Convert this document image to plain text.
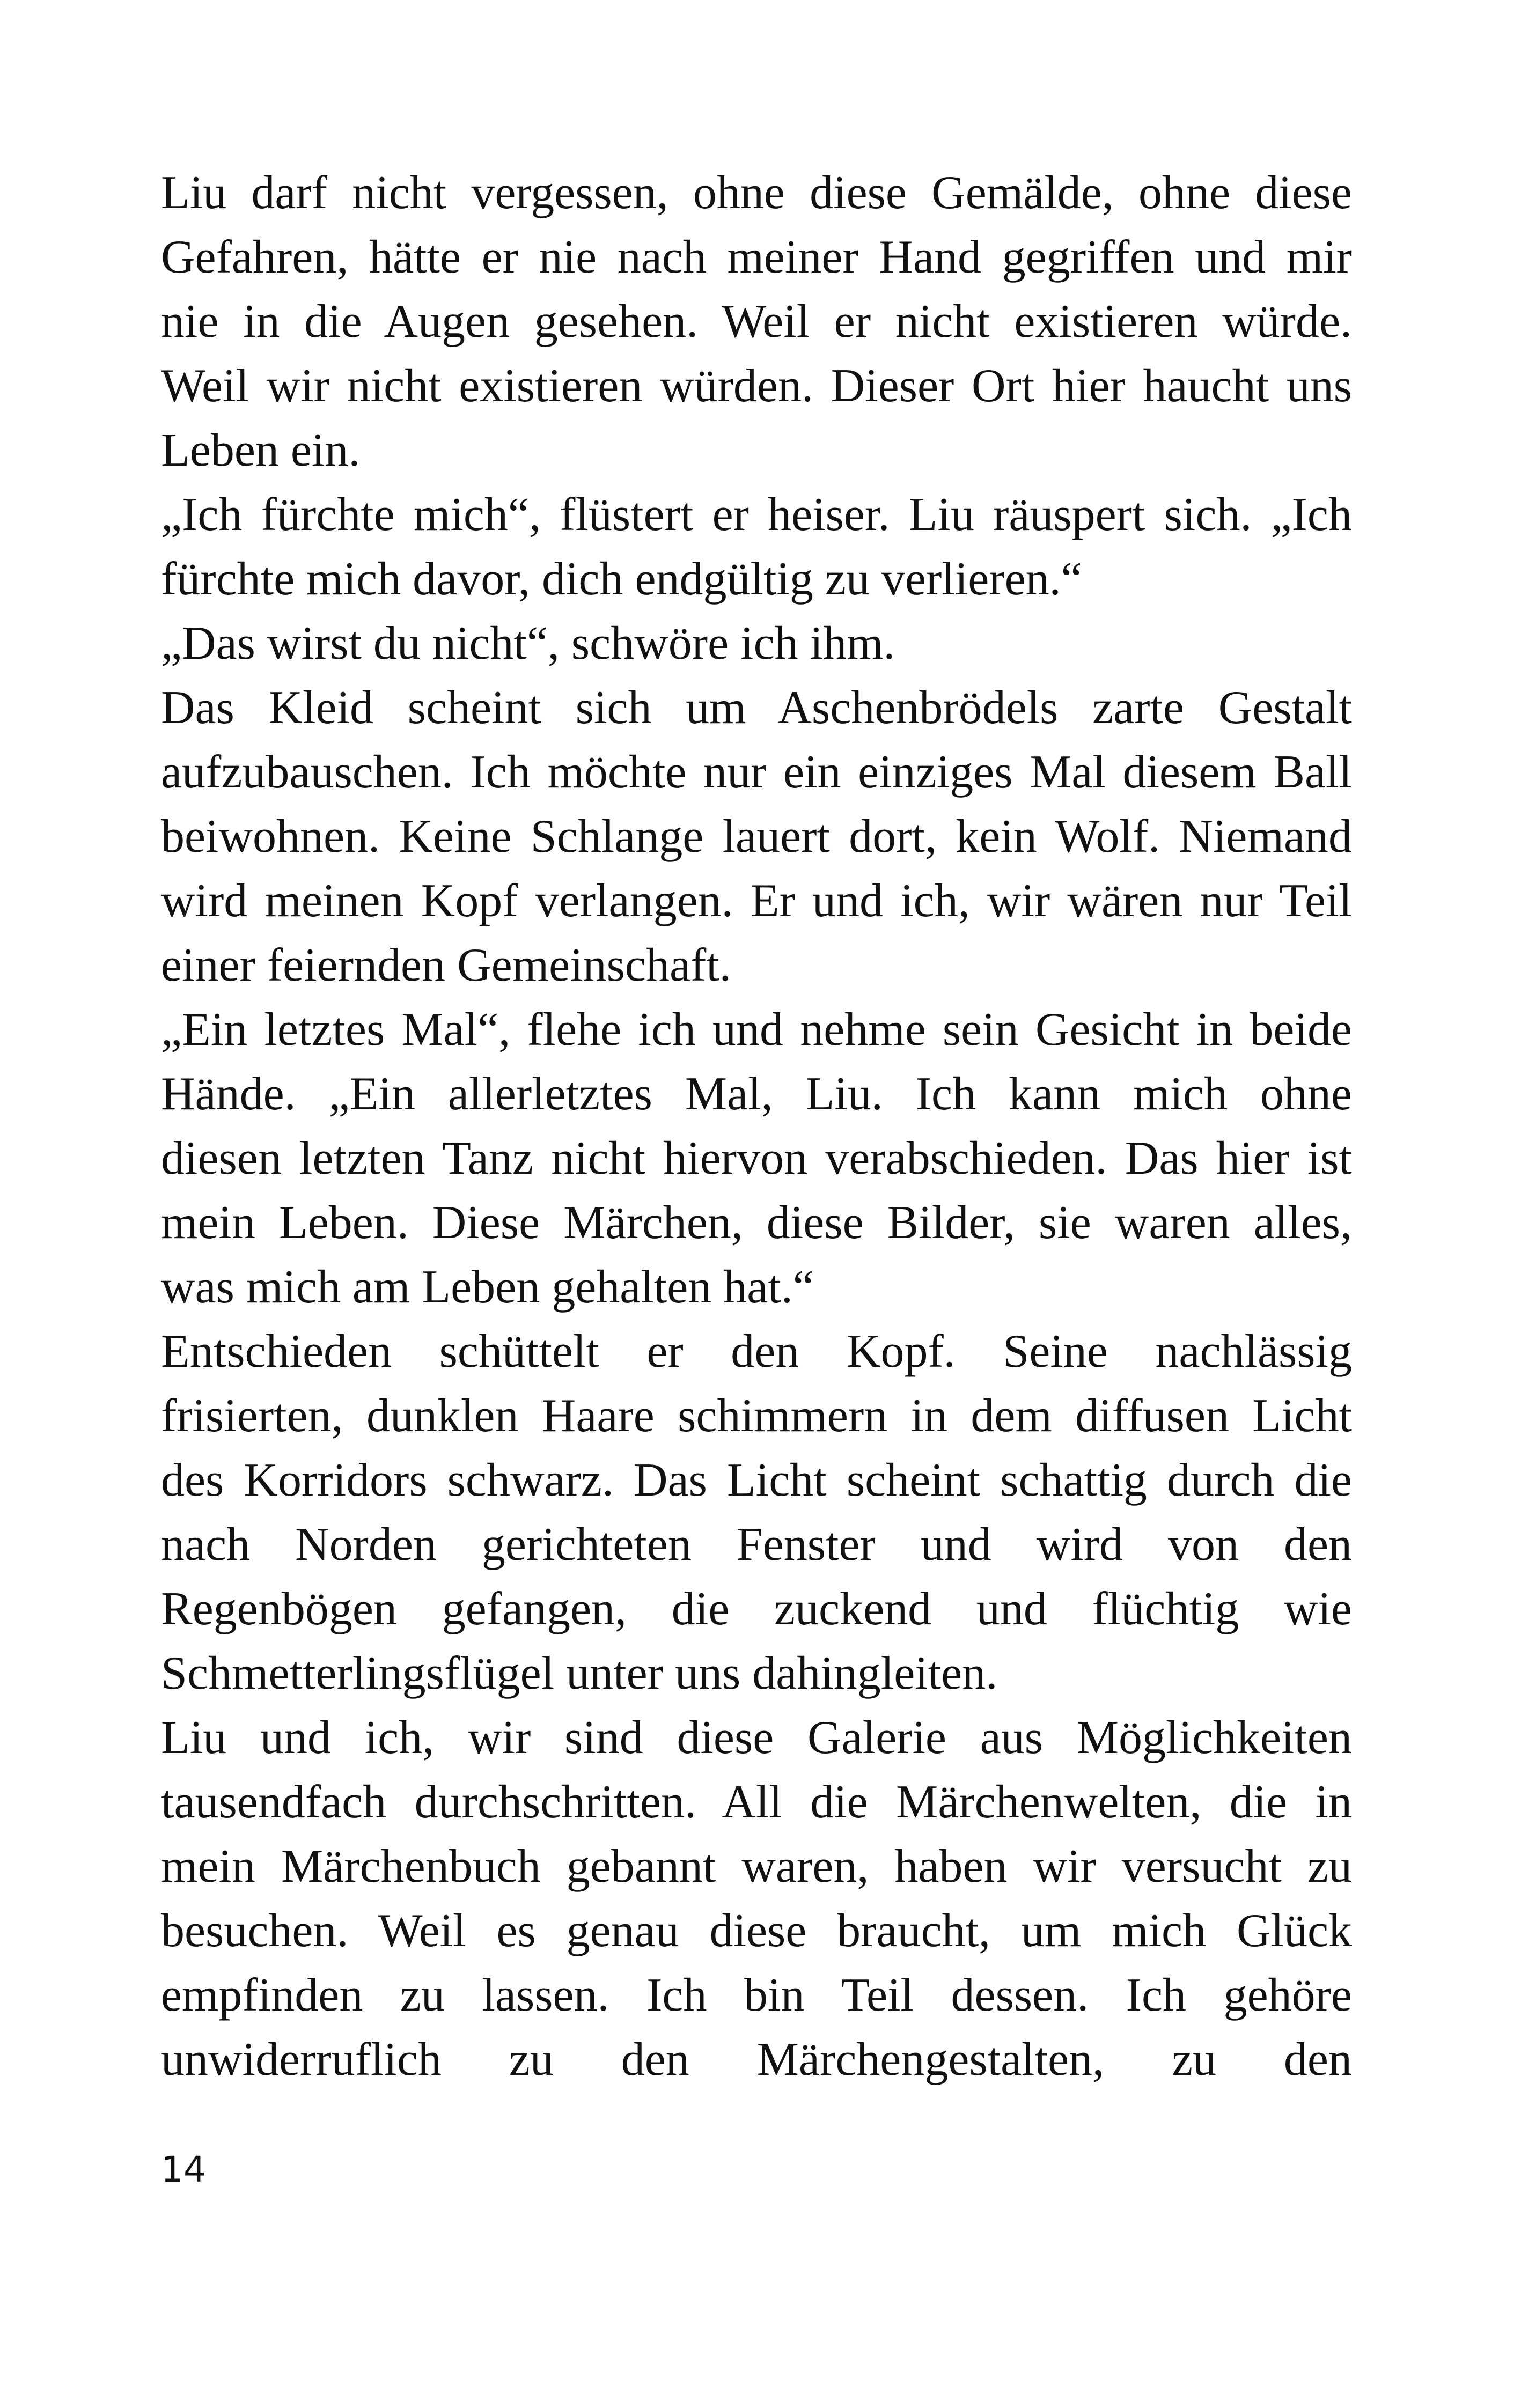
Liu darf nicht vergessen, ohne diese Gemälde, ohne diese
Gefahren, hätte er nie nach meiner Hand gegriffen und mir
nie in die Augen gesehen. Weil er nicht existieren würde.
Weil wir nicht existieren würden. Dieser Ort hier haucht uns
Leben ein.
„Ich fürchte mich“, flüstert er heiser. Liu räuspert sich. „Ich
fürchte mich davor, dich endgültig zu verlieren.“
„Das wirst du nicht“, schwöre ich ihm.
Das Kleid scheint sich um Aschenbrödels zarte Gestalt
aufzubauschen. Ich möchte nur ein einziges Mal diesem Ball
beiwohnen. Keine Schlange lauert dort, kein Wolf. Niemand
wird meinen Kopf verlangen. Er und ich, wir wären nur Teil
einer feiernden Gemeinschaft.
„Ein letztes Mal“, flehe ich und nehme sein Gesicht in beide
Hände. „Ein allerletztes Mal, Liu. Ich kann mich ohne
diesen letzten Tanz nicht hiervon verabschieden. Das hier ist
mein Leben. Diese Märchen, diese Bilder, sie waren alles,
was mich am Leben gehalten hat.“
Entschieden schüttelt er den Kopf. Seine nachlässig
frisierten, dunklen Haare schimmern in dem diffusen Licht
des Korridors schwarz. Das Licht scheint schattig durch die
nach Norden gerichteten Fenster und wird von den
Regenbögen gefangen, die zuckend und flüchtig wie
Schmetterlingsflügel unter uns dahingleiten.
Liu und ich, wir sind diese Galerie aus Möglichkeiten
tausendfach durchschritten. All die Märchenwelten, die in
mein Märchenbuch gebannt waren, haben wir versucht zu
besuchen. Weil es genau diese braucht, um mich Glück
empfinden zu lassen. Ich bin Teil dessen. Ich gehöre
unwiderruflich zu den Märchengestalten, zu den
14
